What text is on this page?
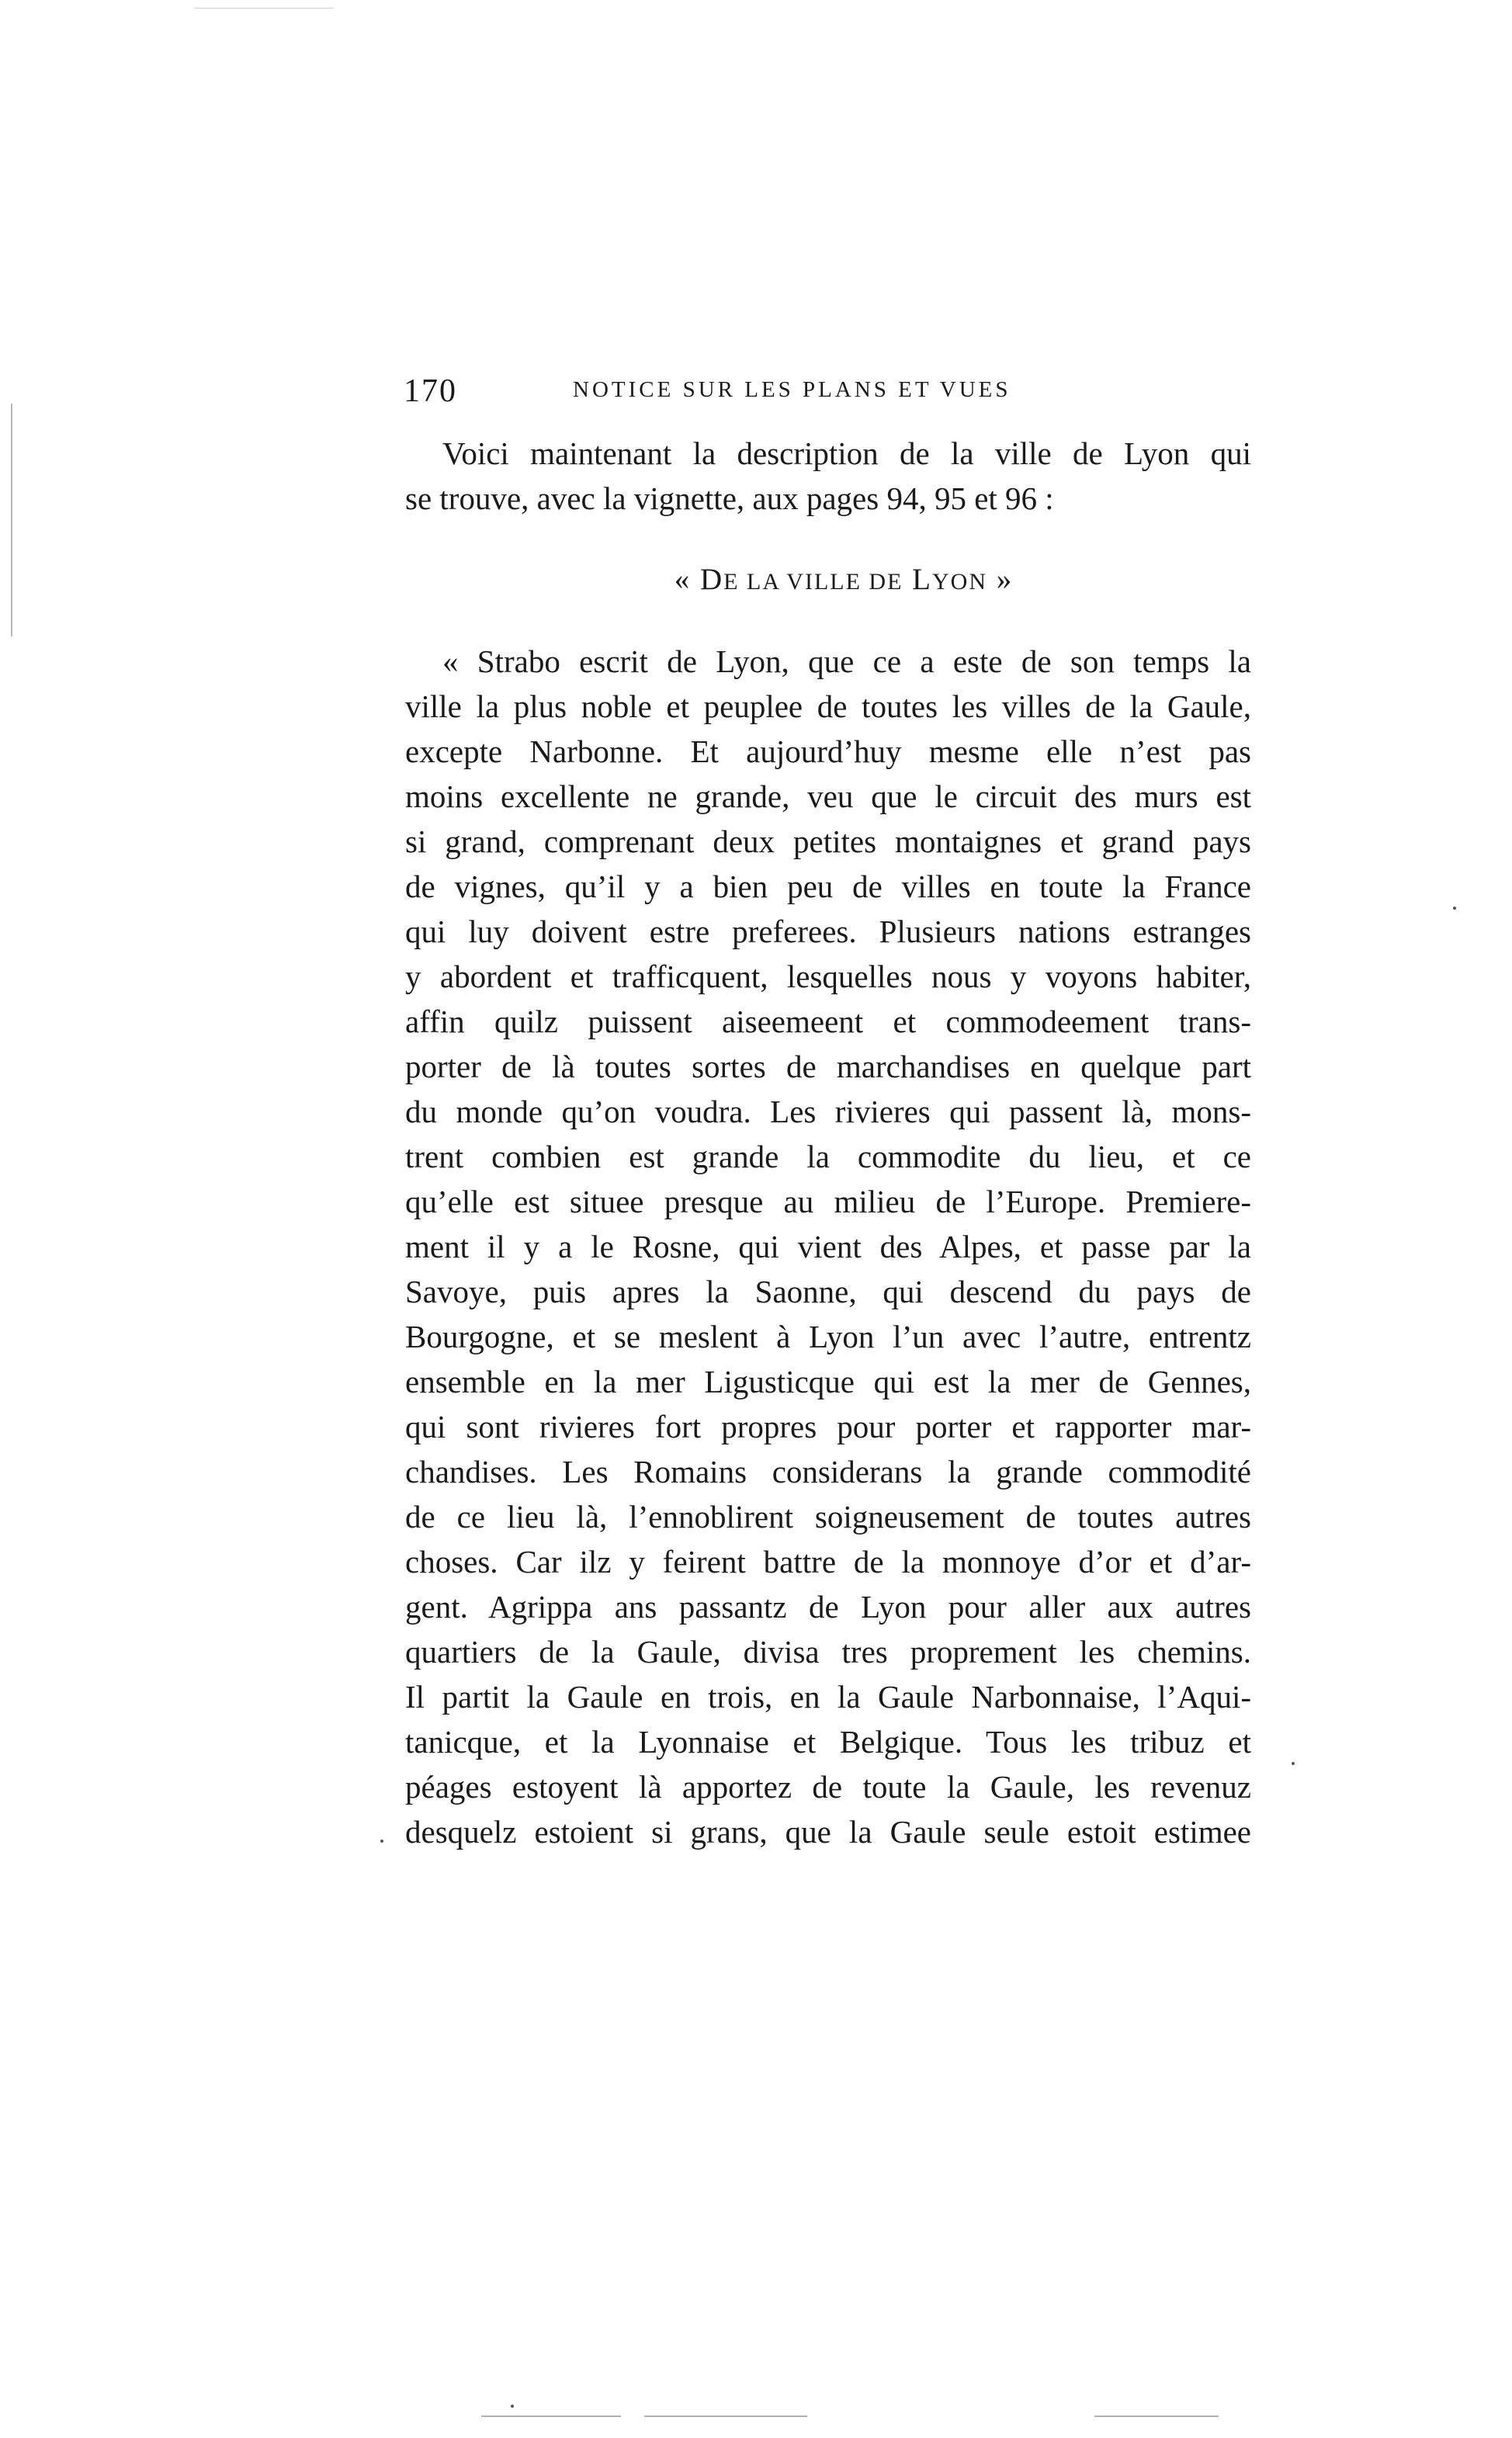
170	NOTICE SUR LES PLANS ET VUES
Voici maintenant la description de la ville de Lyon qui
se trouve, avec la vignette, aux pages 94, 95 et 96 :
« DE LA VILLE DE LYON »
« Strabo escrit de Lyon, que ce a este de son temps la
ville la plus noble et peuplee de toutes les villes de la Gaule,
excepte Narbonne. Et aujourd’huy mesme elle n’est pas
moins excellente ne grande, veu que le circuit des murs est
si grand, comprenant deux petites montaignes et grand pays
de vignes, qu’il y a bien peu de villes en toute la France
qui luy doivent estre preferees. Plusieurs nations estranges
y abordent et trafficquent, lesquelles nous y voyons habiter,
affin quilz puissent aiseemeent et commodeement trans-
porter de là toutes sortes de marchandises en quelque part
du monde qu’on voudra. Les rivieres qui passent là, mons-
trent combien est grande la commodite du lieu, et ce
qu’elle est situee presque au milieu de l’Europe. Premiere-
ment il y a le Rosne, qui vient des Alpes, et passe par la
Savoye, puis apres la Saonne, qui descend du pays de
Bourgogne, et se meslent à Lyon l’un avec l’autre, entrentz
ensemble en la mer Ligusticque qui est la mer de Gennes,
qui sont rivieres fort propres pour porter et rapporter mar-
chandises. Les Romains considerans la grande commodité
de ce lieu là, l’ennoblirent soigneusement de toutes autres
choses. Car ilz y feirent battre de la monnoye d’or et d’ar-
gent. Agrippa ans passantz de Lyon pour aller aux autres
quartiers de la Gaule, divisa tres proprement les chemins.
Il partit la Gaule en trois, en la Gaule Narbonnaise, l’Aqui-
tanicque, et la Lyonnaise et Belgique. Tous les tribuz et
péages estoyent là apportez de toute la Gaule, les revenuz
desquelz estoient si grans, que la Gaule seule estoit estimee
